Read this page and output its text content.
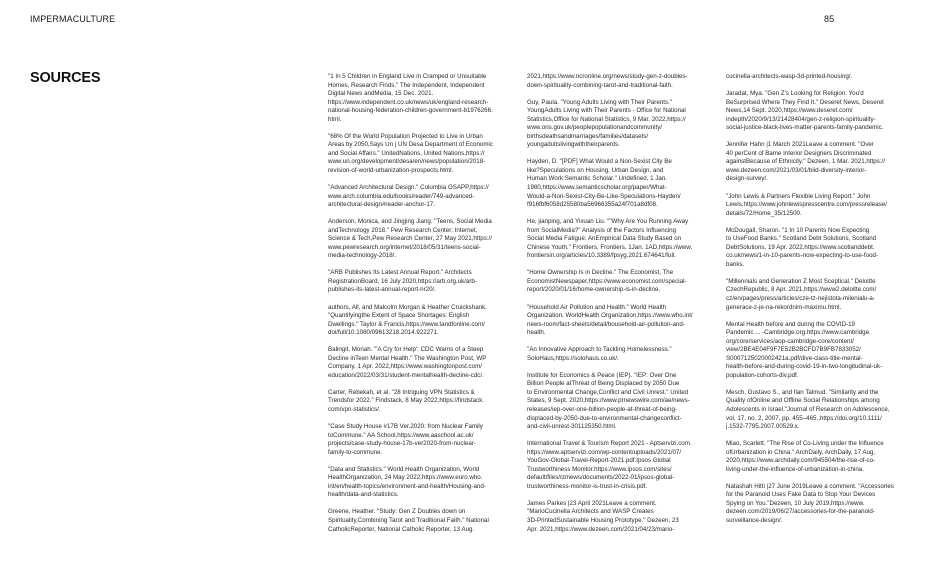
IMPERMACULTURE	85
SOURCES	"1 In 5 Children in England Live in Cramped or Unsuitable
Homes, Research Finds." The Independent, Independent
Digital News andMedia, 15 Dec. 2021.
https://www.independent.co.uk/news/uk/england-research-
national-housing-federation-children-government-b1976266.
html.

"68% Of the World Population Projected to Live in Urban
Areas by 2050,Says Un | UN Desa Department of Economic
and Social Affairs." UnitedNations, United Nations,https://
www.un.org/development/desa/en/news/population/2018-
revision-of-world-urbanization-prospects.html.

"Advanced Architectural Design." Columbia GSAPP,https://
www.arch.columbia.edu/books/reader/749-advanced-
architectural-design#reader-anchor-17.

Anderson, Monica, and Jingjing Jiang. "Teens, Social Media
andTechnology 2018." Pew Research Center: Internet,
Science & Tech,Pew Research Center, 27 May 2021,https://
www.pewresearch.org/internet/2018/05/31/teens-social-
media-technology-2018/.

"ARB Publishes Its Latest Annual Report." Architects
RegistrationBoard, 16 July 2020,https://arb.org.uk/arb-
publishes-its-latest-annual-report-nr20/.

authors, All, and Malcolm Morgan & Heather Cruickshank.
"Quantifyingthe Extent of Space Shortages: English
Dwellings." Taylor & Francis,https://www.tandfonline.com/
doi/full/10.1080/09613218.2014.922271.

Balingit, Moriah. "'A Cry for Help': CDC Warns of a Steep
Decline inTeen Mental Health." The Washington Post, WP
Company, 1 Apr. 2022,https://www.washingtonpost.com/
education/2022/03/31/student-mentalhealth-decline-cdc/.

Carter, Rebekah, et al. "28 Intriguing VPN Statistics &
Trendsfor 2022." Findstack, 8 May 2022,https://findstack.
com/vpn-statistics/.

"Case Study House #17B Ver.2020: from Nuclear Family
toCommune." AA School,https://www.aaschool.ac.uk/
projects/case-study-house-17b-ver2020-from-nuclear-
family-to-commune.

"Data and Statistics." World Health Organization, World
HealthOrganization, 24 May 2022,https://www.euro.who.
int/en/health-topics/environment-and-health/Housing-and-
health/data-and-statistics.

Greene, Heather. "Study: Gen Z Doubles down on
Spirituality,Combining Tarot and Traditional Faith." National
CatholicReporter, National Catholic Reporter, 13 Aug.

2021,https://www.ncronline.org/news/study-gen-z-doubles-
down-spirituality-combining-tarot-and-traditional-faith.

Guy, Paula. "Young Adults Living with Their Parents."
YoungAdults Living with Their Parents - Office for National
Statistics,Office for National Statistics, 9 Mar. 2022,https://
www.ons.gov.uk/peoplepopulationandcommunity/
birthsdeathsandmarriages/families/datasets/
youngadultslivingwiththeirparents.

Hayden, D. "[PDF] What Would a Non-Sexist City Be
like?Speculations on Housing, Urban Design, and
Human Work:Semantic Scholar." Undefined, 1 Jan.
1980,https://www.semanticscholar.org/paper/What-
Would-a-Non-Sexist-City-Be-Like-Speculations-Hayden/
f916fbf6058d25580ba56966355a24f701a8df08.

He, jianping, and Yixuan Liu. ""Why Are You Running Away
from SocialMedia?" Analysis of the Factors Influencing
Social Media Fatigue: AnEmpirical Data Study Based on
Chinese Youth." Frontiers, Frontiers, 1Jan. 1AD,https://www.
frontiersin.org/articles/10.3389/fpsyg.2021.674641/full.

"Home Ownership Is in Decline." The Economist, The
EconomistNewspaper,https://www.economist.com/special-
report/2020/01/16/home-ownership-is-in-decline.

"Household Air Pollution and Health." World Health
Organization, WorldHealth Organization,https://www.who.int/
news-room/fact-sheets/detail/household-air-pollution-and-
health.

"An Innovative Approach to Tackling Homelessness."
SoloHaus,https://solohaus.co.uk/.

Institute for Economics & Peace (IEP). "IEP: Over One
Billion People atThreat of Being Displaced by 2050 Due
to Environmental Change,Conflict and Civil Unrest." United
States, 9 Sept. 2020,https://www.prnewswire.com/ae/news-
releases/iep-over-one-billion-people-at-threat-of-being-
displaced-by-2050-due-to-environmental-changeconflict-
and-civil-unrest-301125350.html.

International Travel & Tourism Report 2021 - Aptservizi.com.
https://www.aptservizi.com/wp-content/uploads/2021/07/
YouGov-Global-Travel-Report-2021.pdf.Ipsos Global
Trustworthiness Monitor.https://www.ipsos.com/sites/
default/files/ct/news/documents/2022-01/ipsos-global-
trustworthiness-monitor-is-trust-in-crisis.pdf.

James Parkes |23 April 2021Leave a comment.
"MarioCucinella Architects and WASP Creates
3D-PrintedSustainable Housing Prototype." Dezeen, 23
Apr. 2021,https://www.dezeen.com/2021/04/23/mario-

cucinella-architects-wasp-3d-printed-housing/.

Jaradat, Mya. "Gen Z's Looking for Religion. You'd
BeSurprised Where They Find It." Deseret News, Deseret
News,14 Sept. 2020,https://www.deseret.com/
indepth/2020/9/13/21428404/gen-z-religion-spirituality-
social-justice-black-lives-matter-parents-family-pandemic.

Jennifer Hahn |1 March 2021Leave a comment. "Over
40 perCent of Bame Interior Designers Discriminated
againstBecause of Ethnicity." Dezeen, 1 Mar. 2021,https://
www.dezeen.com/2021/03/01/biid-diversity-interior-
design-survey/.

"John Lewis & Partners Flexible Living Report." John
Lewis,https://www.johnlewispresscentre.com/pressrelease/
details/72/Home_35/12500.

McDougall, Sharon. "1 In 10 Parents Now Expecting
to UseFood Banks." Scotland Debt Solutions, Scotland
DebtSolutions, 19 Apr. 2022,https://www.scotlanddebt.
co.uk/news/1-in-10-parents-now-expecting-to-use-food-
banks.

"Millennials and Generation Z Most Sceptical." Deloitte
CzechRepublic, 8 Apr. 2021,https://www2.deloitte.com/
cz/en/pages/press/articles/cze-tz-nejistota-milenialu-a-
generace-z-je-na-rekordnim-maximu.html.

Mental Health before and during the COVID-19
Pandemic ... -Cambridge.org.https://www.cambridge.
org/core/services/aop-cambridge-core/content/
view/2BE4E04F9F7E52B2BCFD7B9FB7833052/
S0007125020002421a.pdf/dive-class-title-mental-
health-before-and-during-covid-19-in-two-longitudinal-uk-
population-cohorts-div.pdf.

Mesch, Gustavo S., and Ilan Talmud. "Similarity and the
Quality ofOnline and Offline Social Relationships among
Adolescents in Israel."Journal of Research on Adolescence,
vol. 17, no. 2, 2007, pp. 455–465.,https://doi.org/10.1111/
j.1532-7795.2007.00529.x.

Miao, Scarlett. "The Rise of Co-Living under the Influence
ofUrbanization in China." ArchDaily, ArchDaily, 17 Aug.
2020,https://www.archdaily.com/945504/the-rise-of-co-
living-under-the-influence-of-urbanization-in-china.

Natashah Hitti |27 June 2019Leave a comment. "Accessories
for the Paranoid Uses Fake Data to Stop Your Devices
Spying on You."Dezeen, 10 July 2019,https://www.
dezeen.com/2019/06/27/accessories-for-the-paranoid-
surveillance-design/.
